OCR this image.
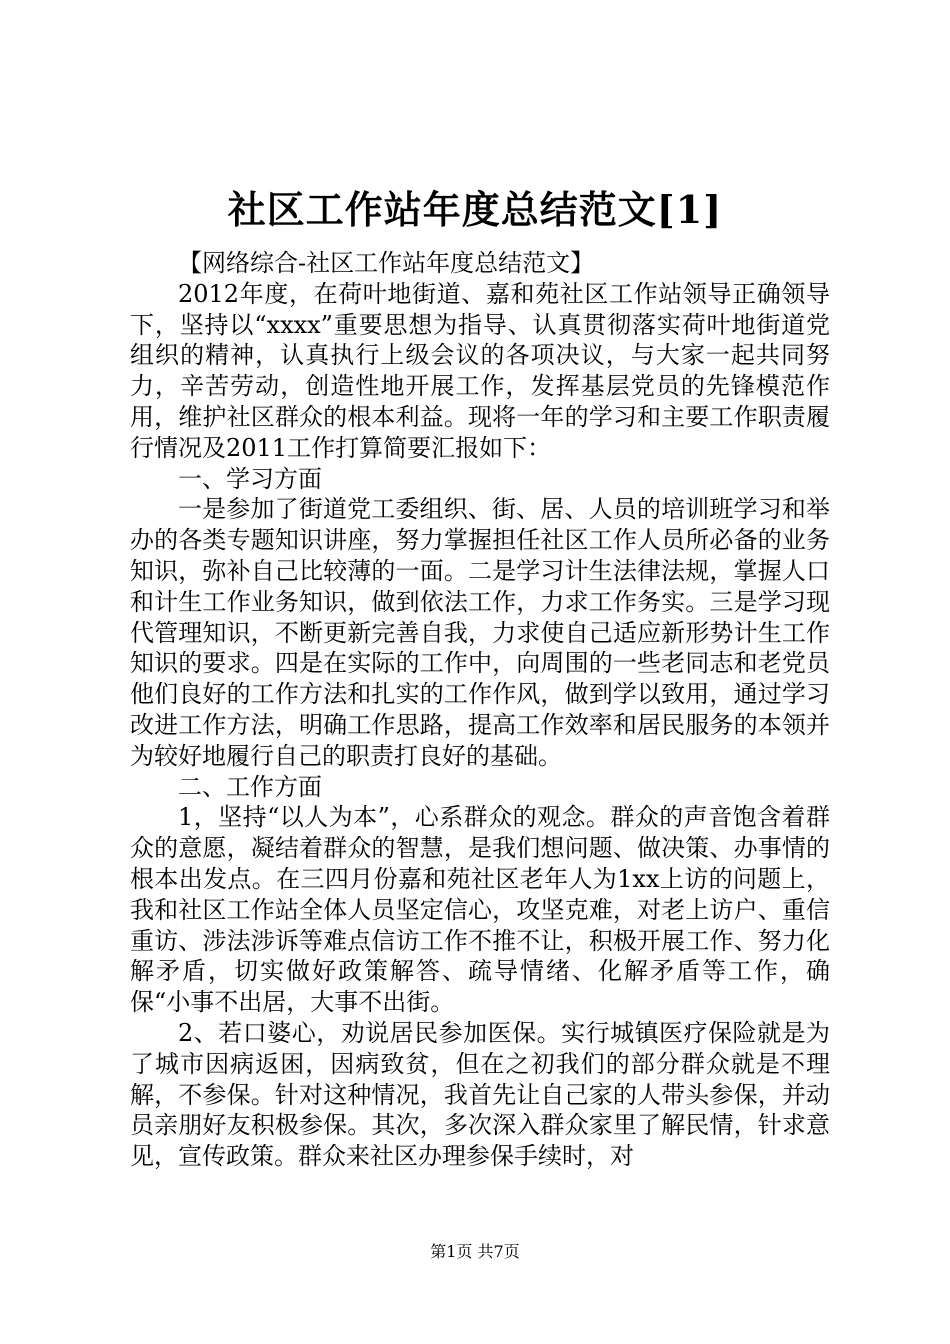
社区工作站年度总结范文[1]

【网络综合-社区工作站年度总结范文】

2012年度，在荷叶地街道、嘉和苑社区工作站领导正确领导下，坚持以“xxxx”重要思想为指导、认真贯彻落实荷叶地街道党组织的精神，认真执行上级会议的各项决议，与大家一起共同努力，辛苦劳动，创造性地开展工作，发挥基层党员的先锋模范作用，维护社区群众的根本利益。现将一年的学习和主要工作职责履行情况及2011工作打算简要汇报如下：

一、学习方面

一是参加了街道党工委组织、街、居、人员的培训班学习和举办的各类专题知识讲座，努力掌握担任社区工作人员所必备的业务知识，弥补自己比较薄的一面。二是学习计生法律法规，掌握人口和计生工作业务知识，做到依法工作，力求工作务实。三是学习现代管理知识，不断更新完善自我，力求使自己适应新形势计生工作知识的要求。四是在实际的工作中，向周围的一些老同志和老党员他们良好的工作方法和扎实的工作作风，做到学以致用，通过学习改进工作方法，明确工作思路，提高工作效率和居民服务的本领并为较好地履行自己的职责打良好的基础。

二、工作方面

1，坚持“以人为本”，心系群众的观念。群众的声音饱含着群众的意愿，凝结着群众的智慧，是我们想问题、做决策、办事情的根本出发点。在三四月份嘉和苑社区老年人为1xx上访的问题上，我和社区工作站全体人员坚定信心，攻坚克难，对老上访户、重信重访、涉法涉诉等难点信访工作不推不让，积极开展工作、努力化解矛盾，切实做好政策解答、疏导情绪、化解矛盾等工作，确保“小事不出居，大事不出街。

2、若口婆心，劝说居民参加医保。实行城镇医疗保险就是为了城市因病返困，因病致贫，但在之初我们的部分群众就是不理解，不参保。针对这种情况，我首先让自己家的人带头参保，并动员亲朋好友积极参保。其次，多次深入群众家里了解民情，针求意见，宣传政策。群众来社区办理参保手续时，对

第1页 共7页
